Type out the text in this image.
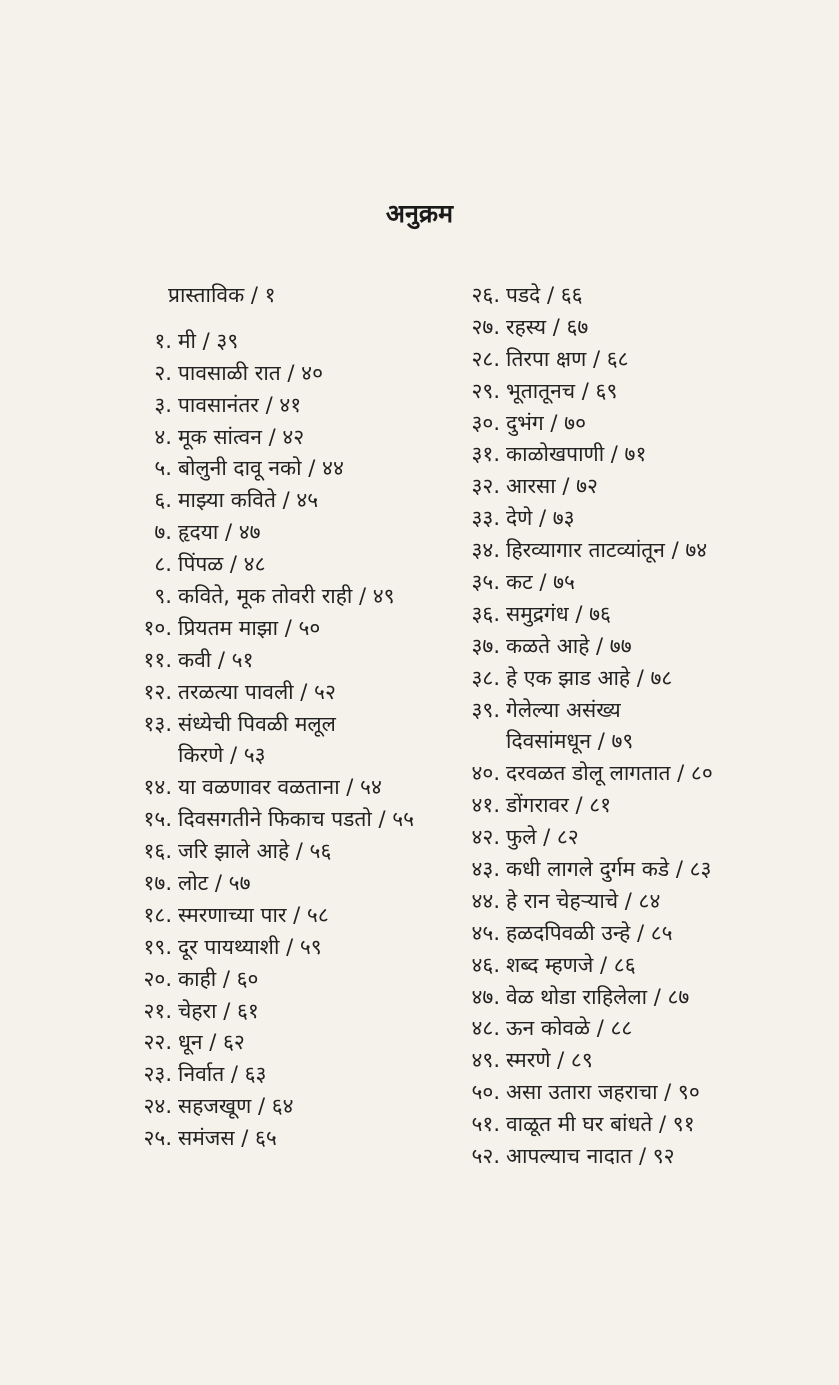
अनुक्रम
प्रास्ताविक / १
१. मी / ३९
२. पावसाळी रात / ४०
३. पावसानंतर / ४१
४. मूक सांत्वन / ४२
५. बोलुनी दावू नको / ४४
६. माझ्या कविते / ४५
७. हृदया / ४७
८. पिंपळ / ४८
९. कविते, मूक तोवरी राही / ४९
१०. प्रियतम माझा / ५०
११. कवी / ५१
१२. तरळत्या पावली / ५२
१३. संध्येची पिवळी मलूल
किरणे / ५३
१४. या वळणावर वळताना / ५४
१५. दिवसगतीने फिकाच पडतो / ५५
१६. जरि झाले आहे / ५६
१७. लोट / ५७
१८. स्मरणाच्या पार / ५८
१९. दूर पायथ्याशी / ५९
२०. काही / ६०
२१. चेहरा / ६१
२२. धून / ६२
२३. निर्वात / ६३
२४. सहजखूण / ६४
२५. समंजस / ६५
२६. पडदे / ६६
२७. रहस्य / ६७
२८. तिरपा क्षण / ६८
२९. भूतातूनच / ६९
३०. दुभंग / ७०
३१. काळोखपाणी / ७१
३२. आरसा / ७२
३३. देणे / ७३
३४. हिरव्यागार ताटव्यांतून / ७४
३५. कट / ७५
३६. समुद्रगंध / ७६
३७. कळते आहे / ७७
३८. हे एक झाड आहे / ७८
३९. गेलेल्या असंख्य
दिवसांमधून / ७९
४०. दरवळत डोलू लागतात / ८०
४१. डोंगरावर / ८१
४२. फुले / ८२
४३. कधी लागले दुर्गम कडे / ८३
४४. हे रान चेहऱ्याचे / ८४
४५. हळदपिवळी उन्हे / ८५
४६. शब्द म्हणजे / ८६
४७. वेळ थोडा राहिलेला / ८७
४८. ऊन कोवळे / ८८
४९. स्मरणे / ८९
५०. असा उतारा जहराचा / ९०
५१. वाळूत मी घर बांधते / ९१
५२. आपल्याच नादात / ९२
